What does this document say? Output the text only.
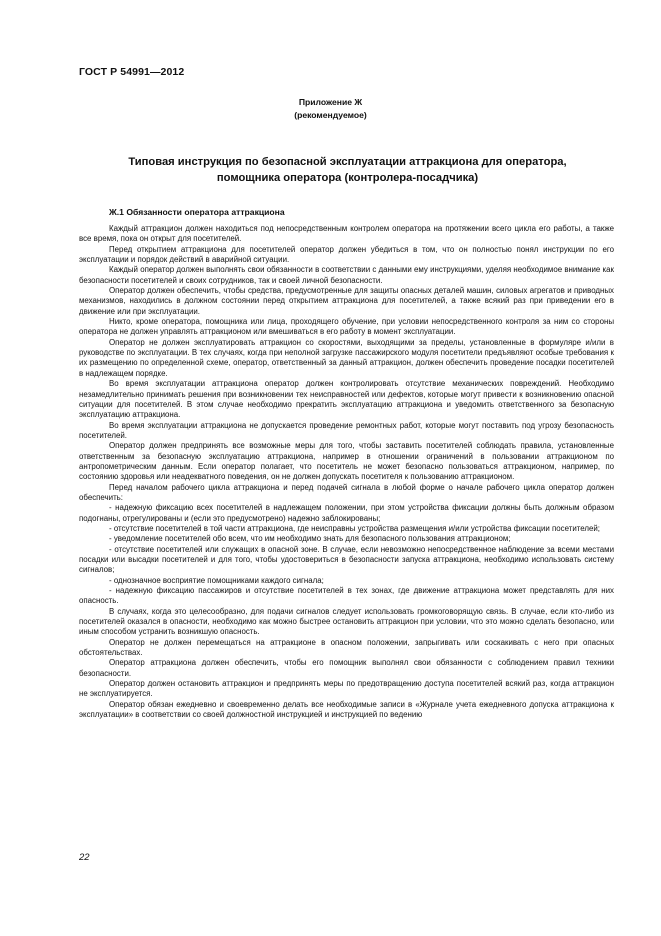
ГОСТ Р 54991—2012
Приложение Ж
(рекомендуемое)
Типовая инструкция по безопасной эксплуатации аттракциона для оператора, помощника оператора (контролера-посадчика)
Ж.1 Обязанности оператора аттракциона

Каждый аттракцион должен находиться под непосредственным контролем оператора на протяжении всего цикла его работы, а также все время, пока он открыт для посетителей.

Перед открытием аттракциона для посетителей оператор должен убедиться в том, что он полностью понял инструкции по его эксплуатации и порядок действий в аварийной ситуации.

Каждый оператор должен выполнять свои обязанности в соответствии с данными ему инструкциями, уделяя необходимое внимание как безопасности посетителей и своих сотрудников, так и своей личной безопасности.

Оператор должен обеспечить, чтобы средства, предусмотренные для защиты опасных деталей машин, силовых агрегатов и приводных механизмов, находились в должном состоянии перед открытием аттракциона для посетителей, а также всякий раз при приведении его в движение или при эксплуатации.

Никто, кроме оператора, помощника или лица, проходящего обучение, при условии непосредственного контроля за ним со стороны оператора не должен управлять аттракционом или вмешиваться в его работу в момент эксплуатации.

Оператор не должен эксплуатировать аттракцион со скоростями, выходящими за пределы, установленные в формуляре и/или в руководстве по эксплуатации. В тех случаях, когда при неполной загрузке пассажирского модуля посетители предъявляют особые требования к их размещению по определенной схеме, оператор, ответственный за данный аттракцион, должен обеспечить проведение посадки посетителей в надлежащем порядке.

Во время эксплуатации аттракциона оператор должен контролировать отсутствие механических повреждений. Необходимо незамедлительно принимать решения при возникновении тех неисправностей или дефектов, которые могут привести к возникновению опасной ситуации для посетителей. В этом случае необходимо прекратить эксплуатацию аттракциона и уведомить ответственного за безопасную эксплуатацию аттракциона.

Во время эксплуатации аттракциона не допускается проведение ремонтных работ, которые могут поставить под угрозу безопасность посетителей.

Оператор должен предпринять все возможные меры для того, чтобы заставить посетителей соблюдать правила, установленные ответственным за безопасную эксплуатацию аттракциона, например в отношении ограничений в пользовании аттракционом по антропометрическим данным. Если оператор полагает, что посетитель не может безопасно пользоваться аттракционом, например, по состоянию здоровья или неадекватного поведения, он не должен допускать посетителя к пользованию аттракционом.

Перед началом рабочего цикла аттракциона и перед подачей сигнала в любой форме о начале рабочего цикла оператор должен обеспечить:

- надежную фиксацию всех посетителей в надлежащем положении, при этом устройства фиксации должны быть должным образом подогнаны, отрегулированы и (если это предусмотрено) надежно заблокированы;

- отсутствие посетителей в той части аттракциона, где неисправны устройства размещения и/или устройства фиксации посетителей;

- уведомление посетителей обо всем, что им необходимо знать для безопасного пользования аттракционом;

- отсутствие посетителей или служащих в опасной зоне. В случае, если невозможно непосредственное наблюдение за всеми местами посадки или высадки посетителей и для того, чтобы удостовериться в безопасности запуска аттракциона, необходимо использовать систему сигналов;

- однозначное восприятие помощниками каждого сигнала;

- надежную фиксацию пассажиров и отсутствие посетителей в тех зонах, где движение аттракциона может представлять для них опасность.

В случаях, когда это целесообразно, для подачи сигналов следует использовать громкоговорящую связь. В случае, если кто-либо из посетителей оказался в опасности, необходимо как можно быстрее остановить аттракцион при условии, что это можно сделать безопасно, или иным способом устранить возникшую опасность.

Оператор не должен перемещаться на аттракционе в опасном положении, запрыгивать или соскакивать с него при опасных обстоятельствах.

Оператор аттракциона должен обеспечить, чтобы его помощник выполнял свои обязанности с соблюдением правил техники безопасности.

Оператор должен остановить аттракцион и предпринять меры по предотвращению доступа посетителей всякий раз, когда аттракцион не эксплуатируется.

Оператор обязан ежедневно и своевременно делать все необходимые записи в «Журнале учета ежедневного допуска аттракциона к эксплуатации» в соответствии со своей должностной инструкцией и инструкцией по ведению

22
